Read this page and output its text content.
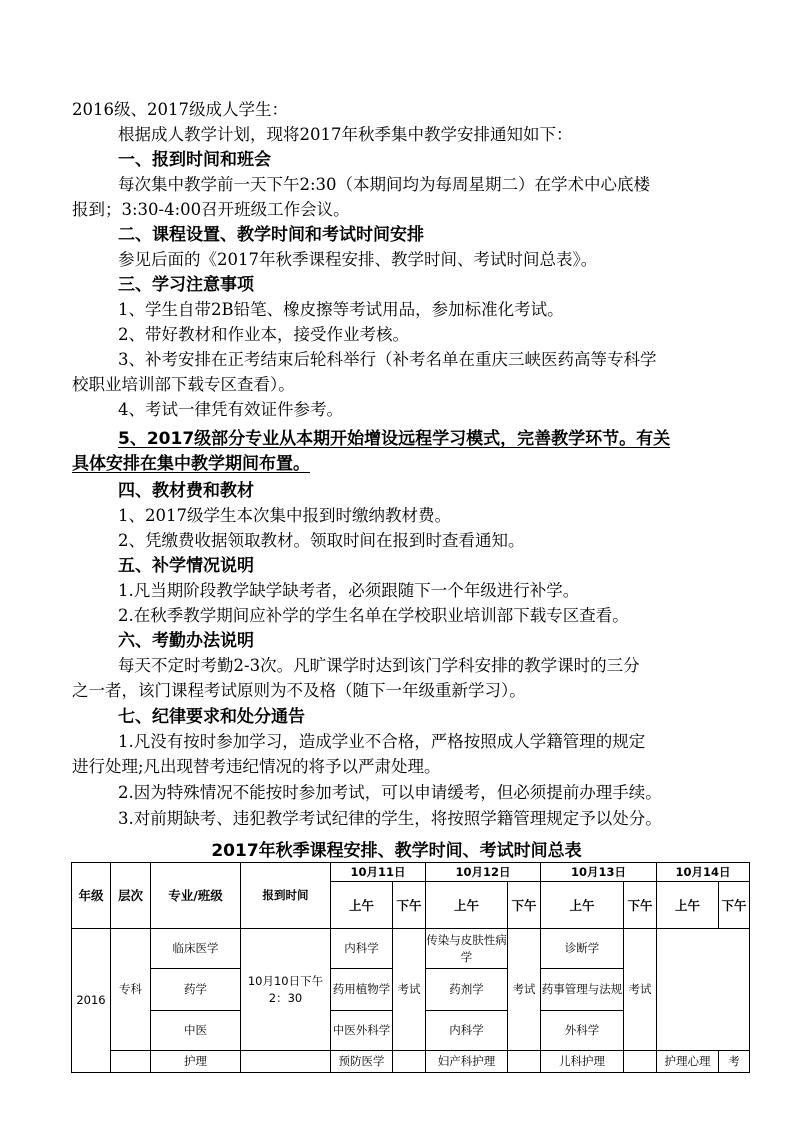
2016级、2017级成人学生：
根据成人教学计划，现将2017年秋季集中教学安排通知如下：
一、报到时间和班会
每次集中教学前一天下午2:30（本期间均为每周星期二）在学术中心底楼
报到；3:30-4:00召开班级工作会议。
二、课程设置、教学时间和考试时间安排
参见后面的《2017年秋季课程安排、教学时间、考试时间总表》。
三、学习注意事项
1、学生自带2B铅笔、橡皮擦等考试用品，参加标准化考试。
2、带好教材和作业本，接受作业考核。
3、补考安排在正考结束后轮科举行（补考名单在重庆三峡医药高等专科学
校职业培训部下载专区查看）。
4、考试一律凭有效证件参考。
5、2017级部分专业从本期开始增设远程学习模式，完善教学环节。有关
具体安排在集中教学期间布置。
四、教材费和教材
1、2017级学生本次集中报到时缴纳教材费。
2、凭缴费收据领取教材。领取时间在报到时查看通知。
五、补学情况说明
1.凡当期阶段教学缺学缺考者，必须跟随下一个年级进行补学。
2.在秋季教学期间应补学的学生名单在学校职业培训部下载专区查看。
六、考勤办法说明
每天不定时考勤2-3次。凡旷课学时达到该门学科安排的教学课时的三分
之一者，该门课程考试原则为不及格（随下一年级重新学习）。
七、纪律要求和处分通告
1.凡没有按时参加学习，造成学业不合格，严格按照成人学籍管理的规定
进行处理;凡出现替考违纪情况的将予以严肃处理。
2.因为特殊情况不能按时参加考试，可以申请缓考，但必须提前办理手续。
3.对前期缺考、违犯教学考试纪律的学生，将按照学籍管理规定予以处分。
2017年秋季课程安排、教学时间、考试时间总表
年级	层次	专业/班级	报到时间	10月11日		10月12日		10月13日		10月14日	
				上午	下午	上午	下午	上午	下午	上午	下午
2016	专科	临床医学	10月10日下午2：30	内科学	考试	传染与皮肤性病学	考试	诊断学	考试		
		药学		药用植物学		药剂学		药事管理与法规			
		中医		中医外科学		内科学		外科学			
		护理		预防医学		妇产科护理		儿科护理		护理心理	考
